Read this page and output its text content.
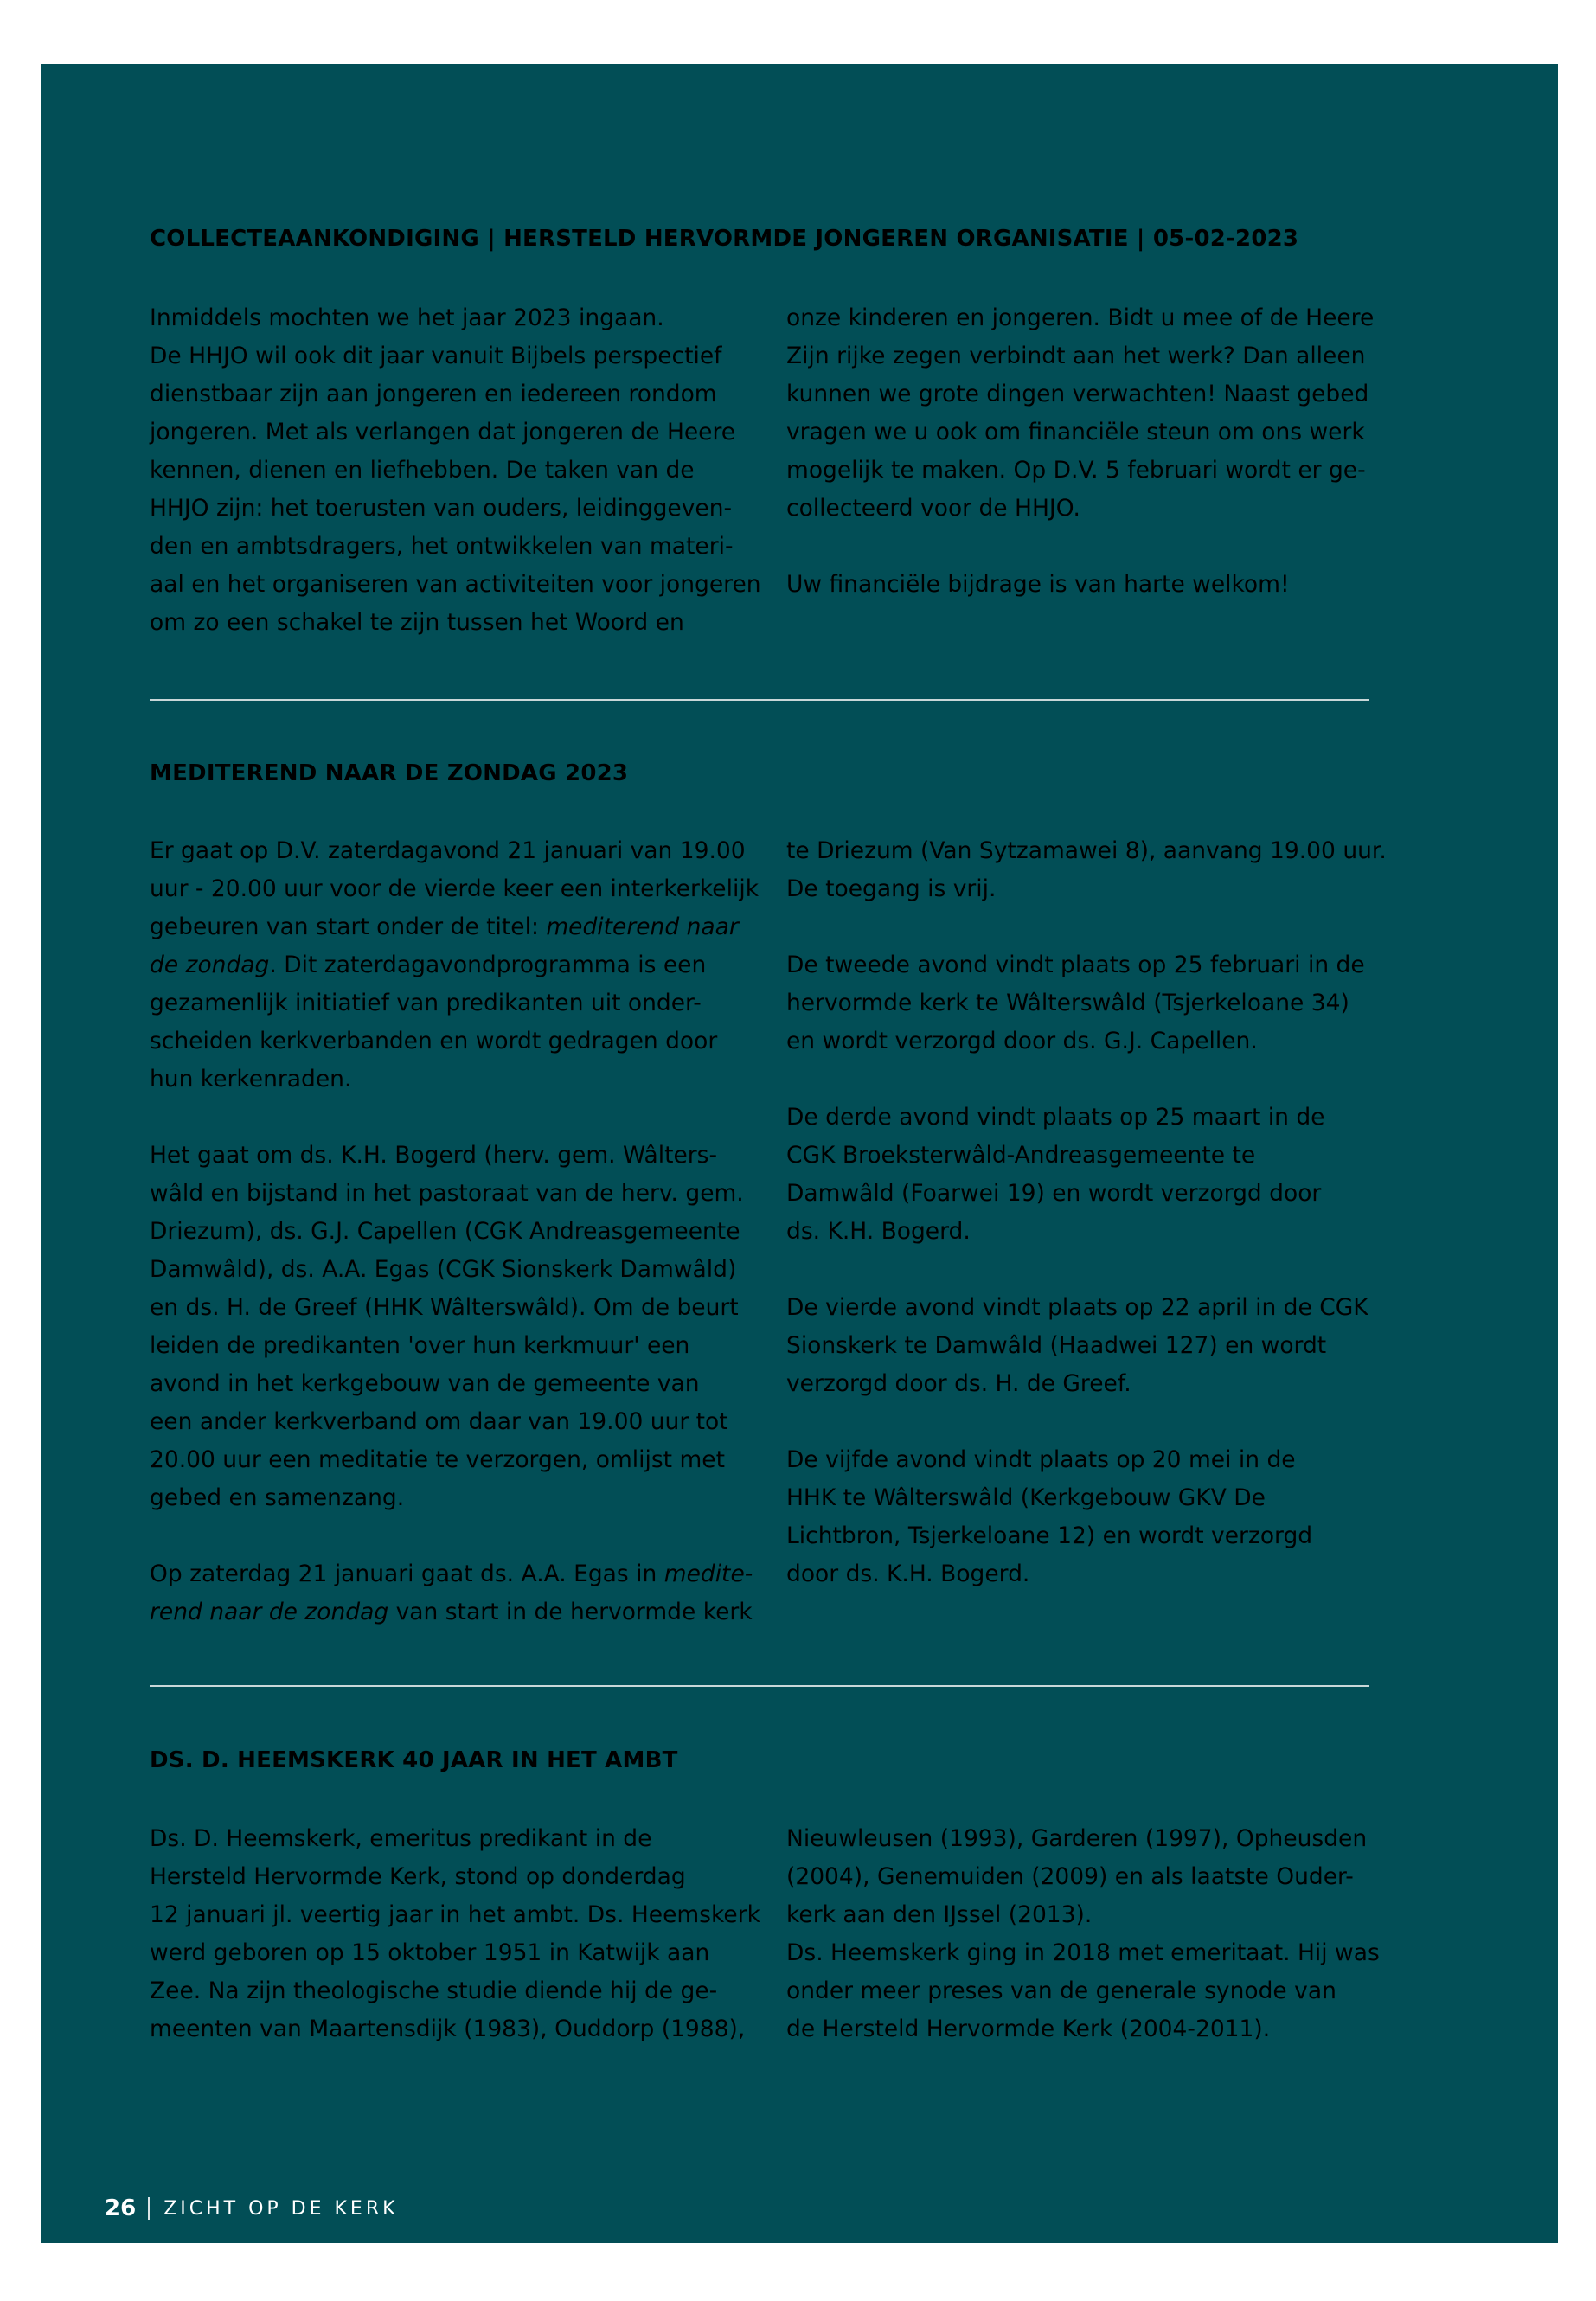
COLLECTEAANKONDIGING | HERSTELD HERVORMDE JONGEREN ORGANISATIE | 05-02-2023
Inmiddels mochten we het jaar 2023 ingaan.
De HHJO wil ook dit jaar vanuit Bijbels perspectief
dienstbaar zijn aan jongeren en iedereen rondom
jongeren. Met als verlangen dat jongeren de Heere
kennen, dienen en liefhebben. De taken van de
HHJO zijn: het toerusten van ouders, leidinggeven-
den en ambtsdragers, het ontwikkelen van materi-
aal en het organiseren van activiteiten voor jongeren
om zo een schakel te zijn tussen het Woord en
onze kinderen en jongeren. Bidt u mee of de Heere
Zijn rijke zegen verbindt aan het werk? Dan alleen
kunnen we grote dingen verwachten! Naast gebed
vragen we u ook om financiële steun om ons werk
mogelijk te maken. Op D.V. 5 februari wordt er ge-
collecteerd voor de HHJO.
Uw financiële bijdrage is van harte welkom!
MEDITEREND NAAR DE ZONDAG 2023
Er gaat op D.V. zaterdagavond 21 januari van 19.00
uur - 20.00 uur voor de vierde keer een interkerkelijk
gebeuren van start onder de titel: mediterend naar
de zondag. Dit zaterdagavondprogramma is een
gezamenlijk initiatief van predikanten uit onder-
scheiden kerkverbanden en wordt gedragen door
hun kerkenraden.
Het gaat om ds. K.H. Bogerd (herv. gem. Wâlters-
wâld en bijstand in het pastoraat van de herv. gem.
Driezum), ds. G.J. Capellen (CGK Andreasgemeente
Damwâld), ds. A.A. Egas (CGK Sionskerk Damwâld)
en ds. H. de Greef (HHK Wâlterswâld). Om de beurt
leiden de predikanten 'over hun kerkmuur' een
avond in het kerkgebouw van de gemeente van
een ander kerkverband om daar van 19.00 uur tot
20.00 uur een meditatie te verzorgen, omlijst met
gebed en samenzang.
Op zaterdag 21 januari gaat ds. A.A. Egas in medite-
rend naar de zondag van start in de hervormde kerk
te Driezum (Van Sytzamawei 8), aanvang 19.00 uur.
De toegang is vrij.
De tweede avond vindt plaats op 25 februari in de
hervormde kerk te Wâlterswâld (Tsjerkeloane 34)
en wordt verzorgd door ds. G.J. Capellen.
De derde avond vindt plaats op 25 maart in de
CGK Broeksterwâld-Andreasgemeente te
Damwâld (Foarwei 19) en wordt verzorgd door
ds. K.H. Bogerd.
De vierde avond vindt plaats op 22 april in de CGK
Sionskerk te Damwâld (Haadwei 127) en wordt
verzorgd door ds. H. de Greef.
De vijfde avond vindt plaats op 20 mei in de
HHK te Wâlterswâld (Kerkgebouw GKV De
Lichtbron, Tsjerkeloane 12) en wordt verzorgd
door ds. K.H. Bogerd.
DS. D. HEEMSKERK 40 JAAR IN HET AMBT
Ds. D. Heemskerk, emeritus predikant in de
Hersteld Hervormde Kerk, stond op donderdag
12 januari jl. veertig jaar in het ambt. Ds. Heemskerk
werd geboren op 15 oktober 1951 in Katwijk aan
Zee. Na zijn theologische studie diende hij de ge-
meenten van Maartensdijk (1983), Ouddorp (1988),
Nieuwleusen (1993), Garderen (1997), Opheusden
(2004), Genemuiden (2009) en als laatste Ouder-
kerk aan den IJssel (2013).
Ds. Heemskerk ging in 2018 met emeritaat. Hij was
onder meer preses van de generale synode van
de Hersteld Hervormde Kerk (2004-2011).
26 ZICHT OP DE KERK
